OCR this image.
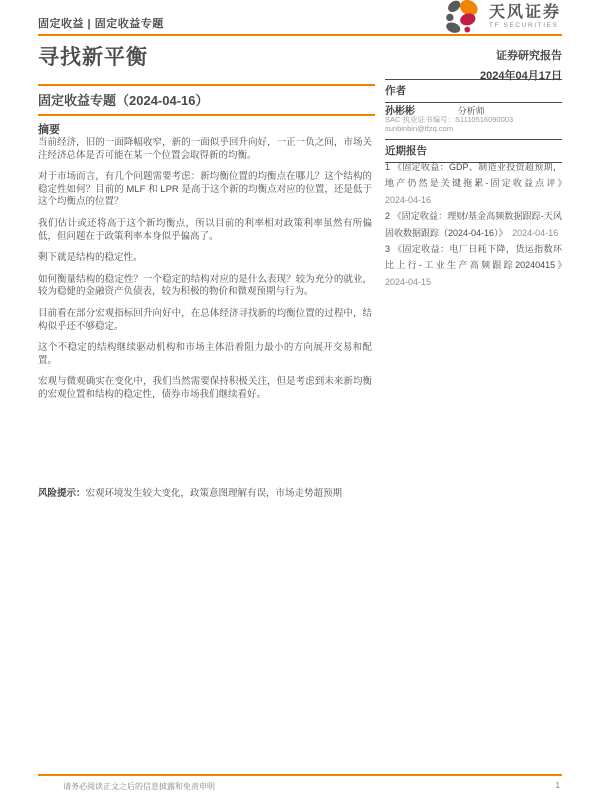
固定收益 | 固定收益专题
天风证券
TF SECURITIES
寻找新平衡	证券研究报告
2024年04月17日
固定收益专题（2024-04-16）
摘要

当前经济，旧的一面降幅收窄，新的一面似乎回升向好，一正一负之间，市场关注经济总体是否可能在某一个位置会取得新的均衡。

对于市场而言，有几个问题需要考虑：新均衡位置的均衡点在哪儿？这个结构的稳定性如何？目前的 MLF 和 LPR 是高于这个新的均衡点对应的位置，还是低于这个均衡点的位置？

我们估计或还将高于这个新均衡点，所以目前的利率相对政策利率虽然有所偏低，但问题在于政策利率本身似乎偏高了。

剩下就是结构的稳定性。

如何衡量结构的稳定性？一个稳定的结构对应的是什么表现？较为充分的就业，较为稳健的金融资产负债表，较为积极的物价和微观预期与行为。

目前看在部分宏观指标回升向好中，在总体经济寻找新的均衡位置的过程中，结构似乎还不够稳定。

这个不稳定的结构继续驱动机构和市场主体沿着阻力最小的方向展开交易和配置。

宏观与微观确实在变化中，我们当然需要保持积极关注，但是考虑到未来新均衡的宏观位置和结构的稳定性，债券市场我们继续看好。

风险提示：宏观环境发生较大变化，政策意图理解有误，市场走势超预期
作者
孙彬彬	分析师
SAC 执业证书编号：S1110516090003
sunbinbin@tfzq.com
近期报告

1 《固定收益：GDP、制造业投资超预期，地产仍然是关键拖累-固定收益点评》　2024-04-16

2 《固定收益：理财/基金高频数据跟踪-天风固收数据跟踪（2024-04-16）》　 2024-04-16

3 《固定收益：电厂日耗下降，货运指数环比上行-工业生产高频跟踪20240415》　2024-04-15

请务必阅读正文之后的信息披露和免责申明	1
